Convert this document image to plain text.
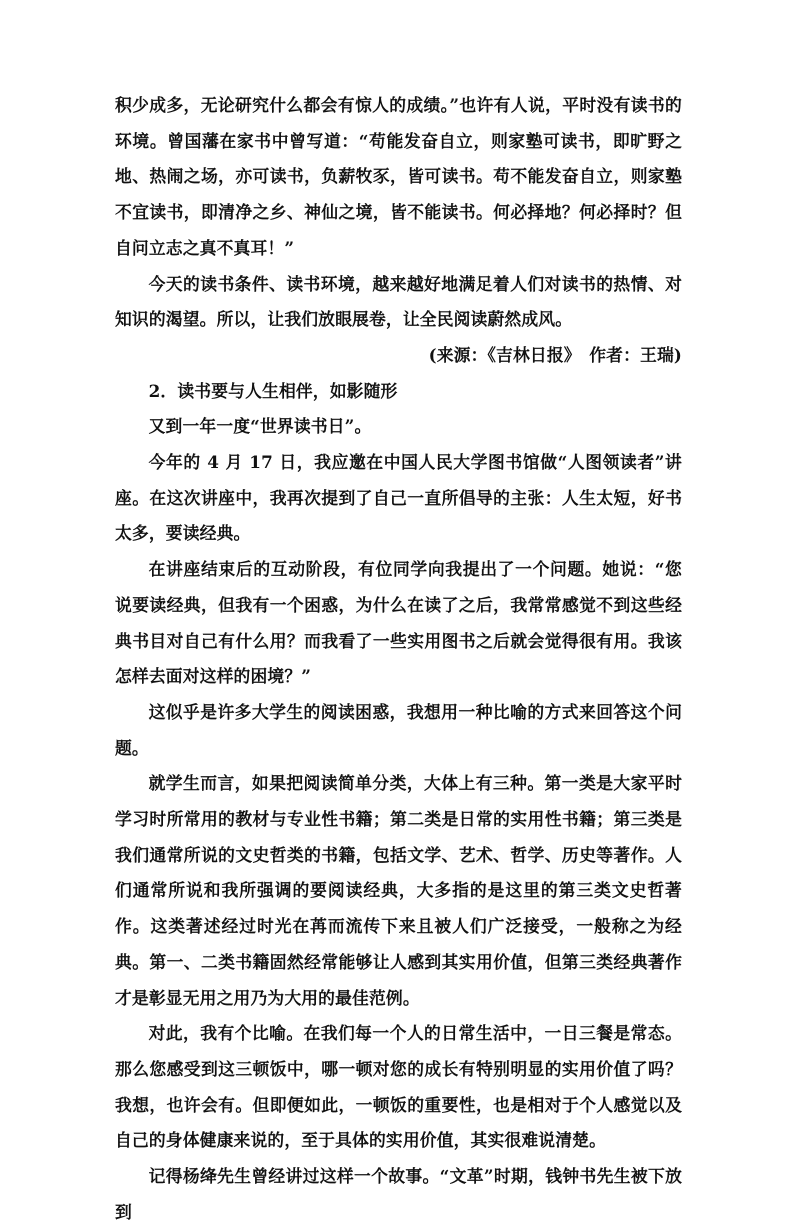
积少成多，无论研究什么都会有惊人的成绩。”也许有人说，平时没有读书的环境。曾国藩在家书中曾写道：“苟能发奋自立，则家塾可读书，即旷野之地、热闹之场，亦可读书，负薪牧豕，皆可读书。苟不能发奋自立，则家塾不宜读书，即清净之乡、神仙之境，皆不能读书。何必择地？何必择时？但自问立志之真不真耳！”

今天的读书条件、读书环境，越来越好地满足着人们对读书的热情、对知识的渴望。所以，让我们放眼展卷，让全民阅读蔚然成风。

(来源：《吉林日报》　作者：王瑞)

2．读书要与人生相伴，如影随形

又到一年一度“世界读书日”。

今年的 4 月 17 日，我应邀在中国人民大学图书馆做“人图领读者”讲座。在这次讲座中，我再次提到了自己一直所倡导的主张：人生太短，好书太多，要读经典。

在讲座结束后的互动阶段，有位同学向我提出了一个问题。她说：“您说要读经典，但我有一个困惑，为什么在读了之后，我常常感觉不到这些经典书目对自己有什么用？而我看了一些实用图书之后就会觉得很有用。我该怎样去面对这样的困境？”

这似乎是许多大学生的阅读困惑，我想用一种比喻的方式来回答这个问题。

就学生而言，如果把阅读简单分类，大体上有三种。第一类是大家平时学习时所常用的教材与专业性书籍；第二类是日常的实用性书籍；第三类是我们通常所说的文史哲类的书籍，包括文学、艺术、哲学、历史等著作。人们通常所说和我所强调的要阅读经典，大多指的是这里的第三类文史哲著作。这类著述经过时光在苒而流传下来且被人们广泛接受，一般称之为经典。第一、二类书籍固然经常能够让人感到其实用价值，但第三类经典著作才是彰显无用之用乃为大用的最佳范例。

对此，我有个比喻。在我们每一个人的日常生活中，一日三餐是常态。那么您感受到这三顿饭中，哪一顿对您的成长有特别明显的实用价值了吗？我想，也许会有。但即便如此，一顿饭的重要性，也是相对于个人感觉以及自己的身体健康来说的，至于具体的实用价值，其实很难说清楚。

记得杨绛先生曾经讲过这样一个故事。“文革”时期，钱钟书先生被下放到
